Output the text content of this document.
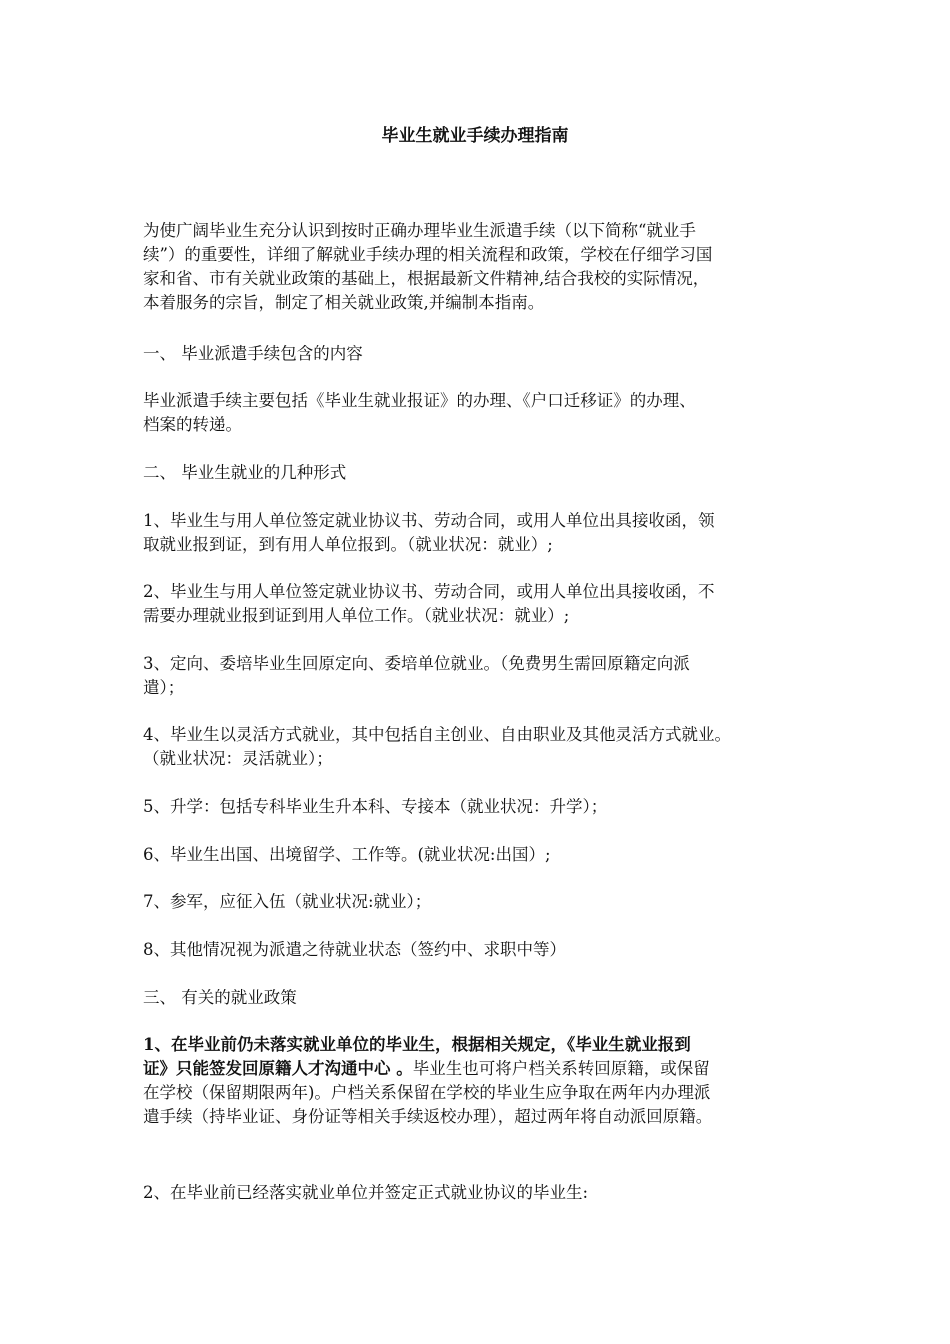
毕业生就业手续办理指南
为使广阔毕业生充分认识到按时正确办理毕业生派遣手续（以下简称“就业手
续”）的重要性，详细了解就业手续办理的相关流程和政策，学校在仔细学习国
家和省、市有关就业政策的基础上，根据最新文件精神,结合我校的实际情况，
本着服务的宗旨，制定了相关就业政策,并编制本指南。
一、 毕业派遣手续包含的内容
毕业派遣手续主要包括《毕业生就业报证》的办理、《户口迁移证》的办理、
档案的转递。
二、 毕业生就业的几种形式
1、毕业生与用人单位签定就业协议书、劳动合同，或用人单位出具接收函，领
取就业报到证，到有用人单位报到。（就业状况：就业）;
2、毕业生与用人单位签定就业协议书、劳动合同，或用人单位出具接收函，不
需要办理就业报到证到用人单位工作。（就业状况：就业）;
3、定向、委培毕业生回原定向、委培单位就业。（免费男生需回原籍定向派
遣）；
4、毕业生以灵活方式就业，其中包括自主创业、自由职业及其他灵活方式就业。
（就业状况：灵活就业）；
5、升学：包括专科毕业生升本科、专接本（就业状况：升学）；
6、毕业生出国、出境留学、工作等。(就业状况:出国）;
7、参军，应征入伍（就业状况:就业）；
8、其他情况视为派遣之待就业状态（签约中、求职中等）
三、 有关的就业政策
1、在毕业前仍未落实就业单位的毕业生，根据相关规定，《毕业生就业报到
证》只能签发回原籍人才沟通中心 。毕业生也可将户档关系转回原籍，或保留
在学校（保留期限两年)。户档关系保留在学校的毕业生应争取在两年内办理派
遣手续（持毕业证、身份证等相关手续返校办理），超过两年将自动派回原籍。
2、在毕业前已经落实就业单位并签定正式就业协议的毕业生:
